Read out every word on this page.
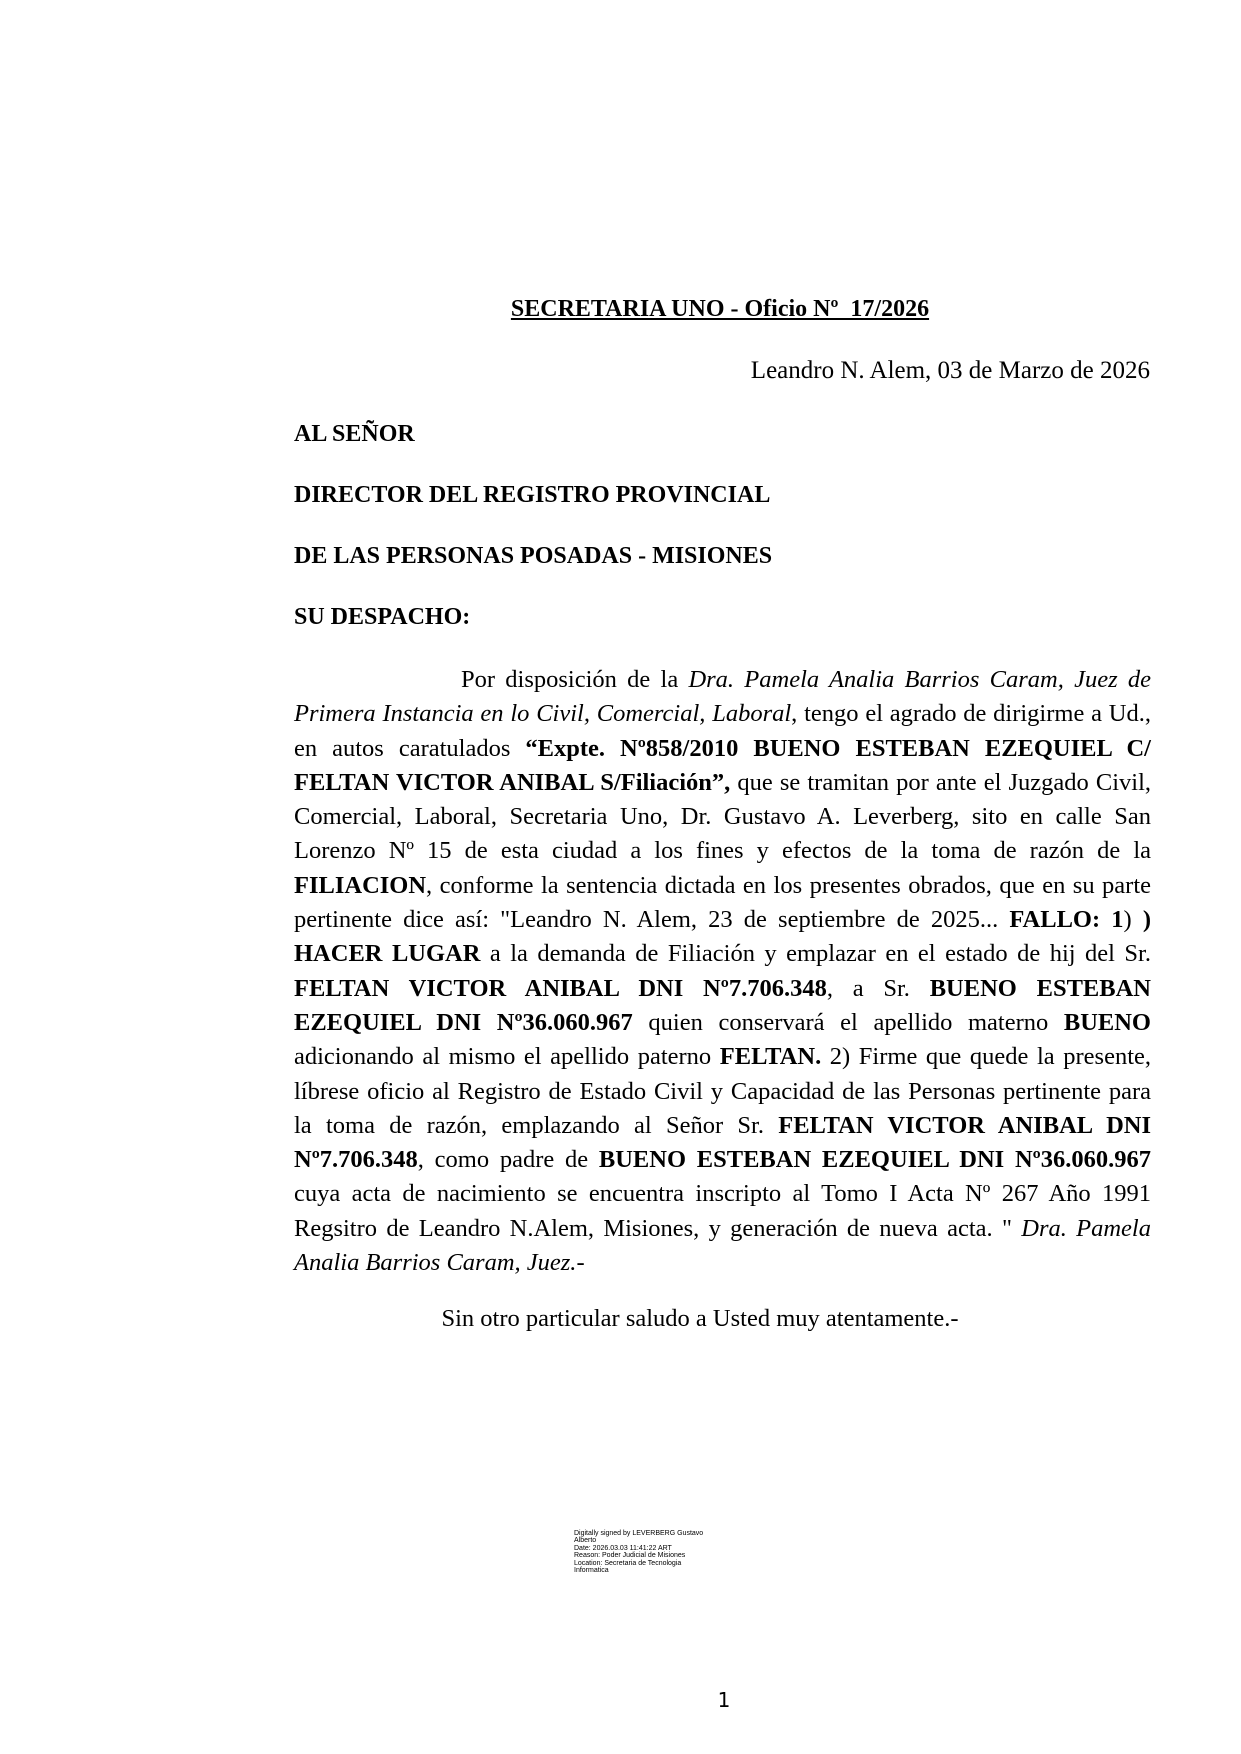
SECRETARIA UNO - Oficio Nº  17/2026
Leandro N. Alem, 03 de Marzo de 2026
AL SEÑOR
DIRECTOR DEL REGISTRO PROVINCIAL
DE LAS PERSONAS POSADAS - MISIONES
SU DESPACHO:

Por disposición de la Dra. Pamela Analia Barrios Caram, Juez de Primera Instancia en lo Civil, Comercial, Laboral, tengo el agrado de dirigirme a Ud., en autos caratulados “Expte. Nº858/2010 BUENO ESTEBAN EZEQUIEL C/ FELTAN VICTOR ANIBAL S/Filiación”, que se tramitan por ante el Juzgado Civil, Comercial, Laboral, Secretaria Uno, Dr. Gustavo A. Leverberg, sito en calle San Lorenzo Nº 15 de esta ciudad a los fines y efectos de la toma de razón de la FILIACION, conforme la sentencia dictada en los presentes obrados, que en su parte pertinente dice así: "Leandro N. Alem, 23 de septiembre de 2025... FALLO: 1) ) HACER LUGAR a la demanda de Filiación y emplazar en el estado de hij del Sr. FELTAN VICTOR ANIBAL DNI Nº7.706.348, a Sr. BUENO ESTEBAN EZEQUIEL DNI Nº36.060.967 quien conservará el apellido materno BUENO adicionando al mismo el apellido paterno FELTAN. 2) Firme que quede la presente, líbrese oficio al Registro de Estado Civil y Capacidad de las Personas pertinente para la toma de razón, emplazando al Señor Sr. FELTAN VICTOR ANIBAL DNI Nº7.706.348, como padre de BUENO ESTEBAN EZEQUIEL DNI Nº36.060.967 cuya acta de nacimiento se encuentra inscripto al Tomo I Acta Nº 267 Año 1991 Regsitro de Leandro N.Alem, Misiones, y generación de nueva acta. " Dra. Pamela Analia Barrios Caram, Juez.-

Sin otro particular saludo a Usted muy atentamente.-
Digitally signed by LEVERBERG Gustavo
Alberto
Date: 2026.03.03 11:41:22 ART
Reason: Poder Judicial de Misiones
Location: Secretaria de Tecnologia
Informatica
1
